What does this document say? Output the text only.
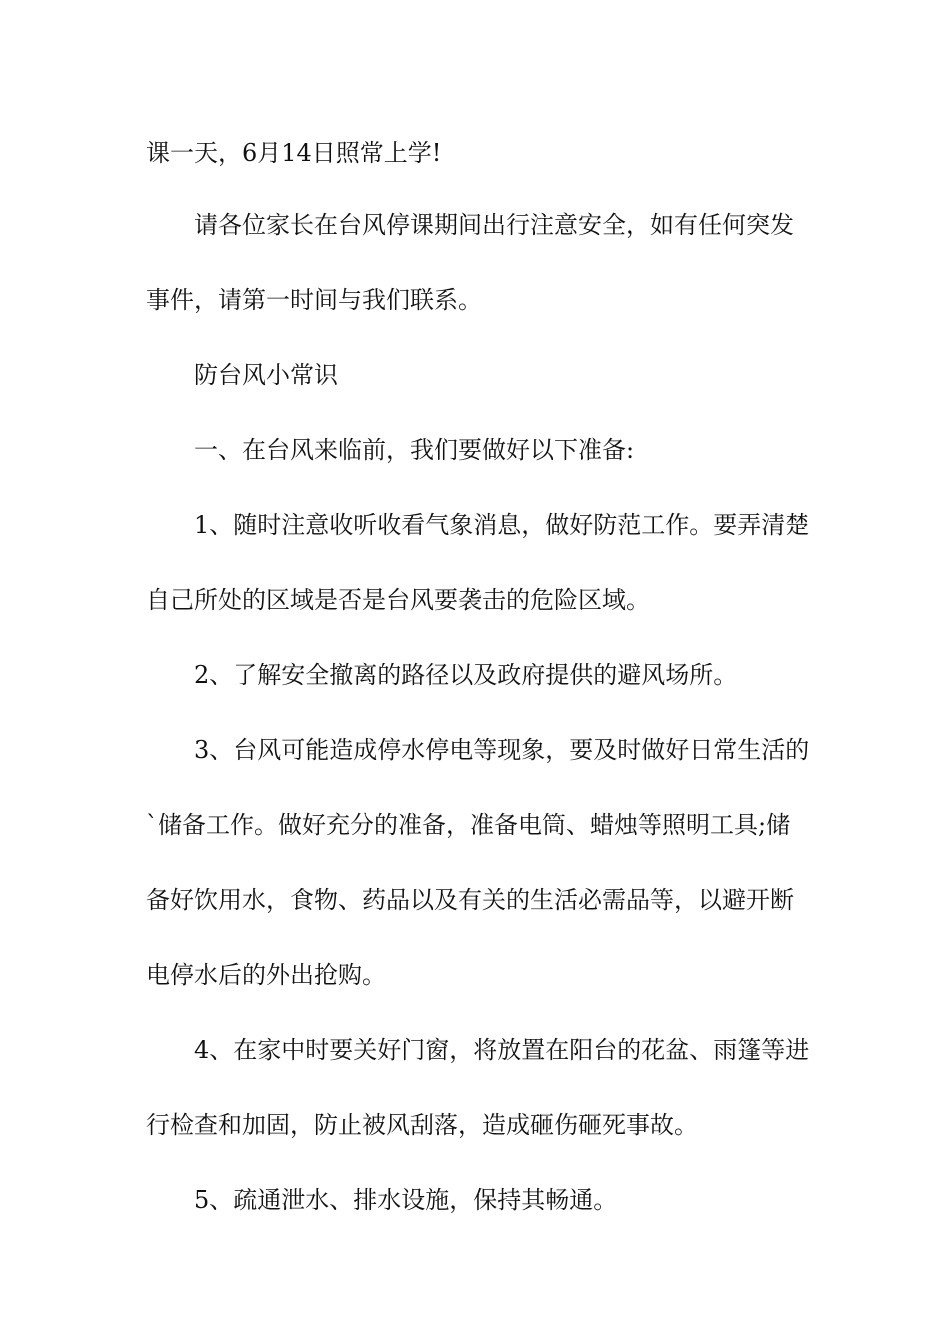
课一天，6月14日照常上学!
请各位家长在台风停课期间出行注意安全，如有任何突发
事件，请第一时间与我们联系。
防台风小常识
一、在台风来临前，我们要做好以下准备:
1、随时注意收听收看气象消息，做好防范工作。要弄清楚
自己所处的区域是否是台风要袭击的危险区域。
2、了解安全撤离的路径以及政府提供的避风场所。
3、台风可能造成停水停电等现象，要及时做好日常生活的
`储备工作。做好充分的准备，准备电筒、蜡烛等照明工具;储
备好饮用水，食物、药品以及有关的生活必需品等，以避开断
电停水后的外出抢购。
4、在家中时要关好门窗，将放置在阳台的花盆、雨篷等进
行检查和加固，防止被风刮落，造成砸伤砸死事故。
5、疏通泄水、排水设施，保持其畅通。
